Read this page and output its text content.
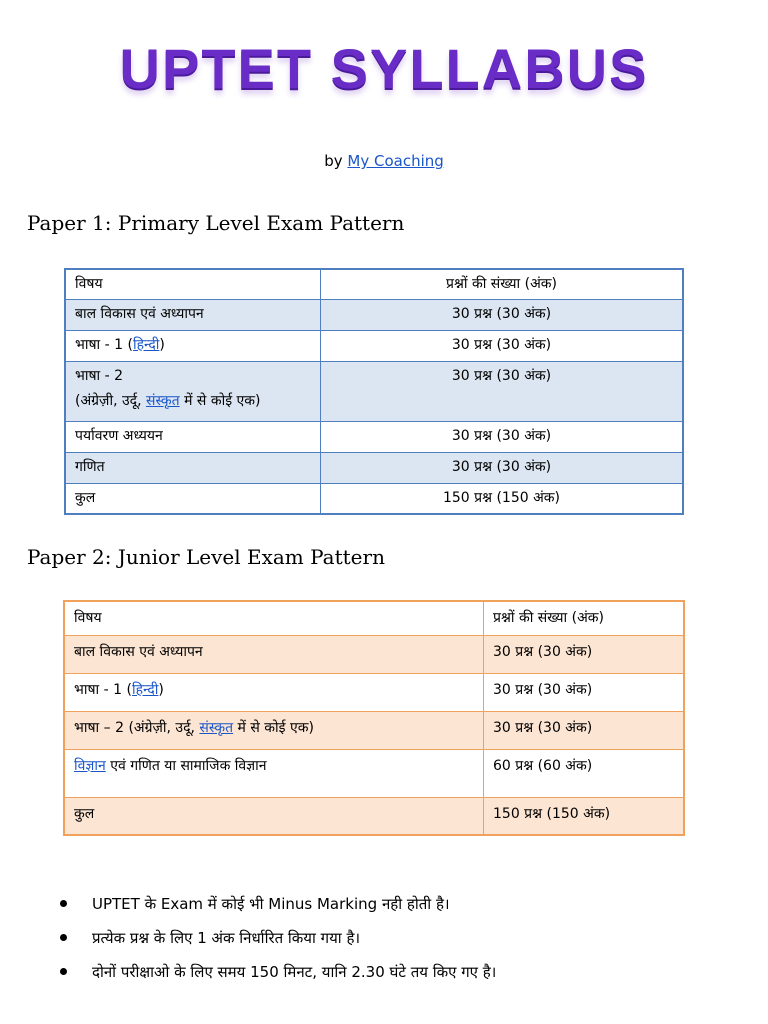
UPTET SYLLABUS
by My Coaching
Paper 1: Primary Level Exam Pattern
विषय	प्रश्नों की संख्या (अंक)
बाल विकास एवं अध्यापन	30 प्रश्न (30 अंक)
भाषा - 1 (हिन्दी)	30 प्रश्न (30 अंक)

भाषा - 2
(अंग्रेज़ी, उर्दू, संस्कृत में से कोई एक)	30 प्रश्न (30 अंक)
पर्यावरण अध्ययन	30 प्रश्न (30 अंक)
गणित	30 प्रश्न (30 अंक)
कुल	150 प्रश्न (150 अंक)
Paper 2: Junior Level Exam Pattern
विषय	प्रश्नों की संख्या (अंक)
बाल विकास एवं अध्यापन	30 प्रश्न (30 अंक)
भाषा - 1 (हिन्दी)	30 प्रश्न (30 अंक)
भाषा – 2 (अंग्रेज़ी, उर्दू, संस्कृत में से कोई एक)	30 प्रश्न (30 अंक)
विज्ञान एवं गणित या सामाजिक विज्ञान	60 प्रश्न (60 अंक)
कुल	150 प्रश्न (150 अंक)
UPTET के Exam में कोई भी Minus Marking नही होती है।
प्रत्येक प्रश्न के लिए 1 अंक निर्धारित किया गया है।
दोनों परीक्षाओ के लिए समय 150 मिनट, यानि 2.30 घंटे तय किए गए है।
